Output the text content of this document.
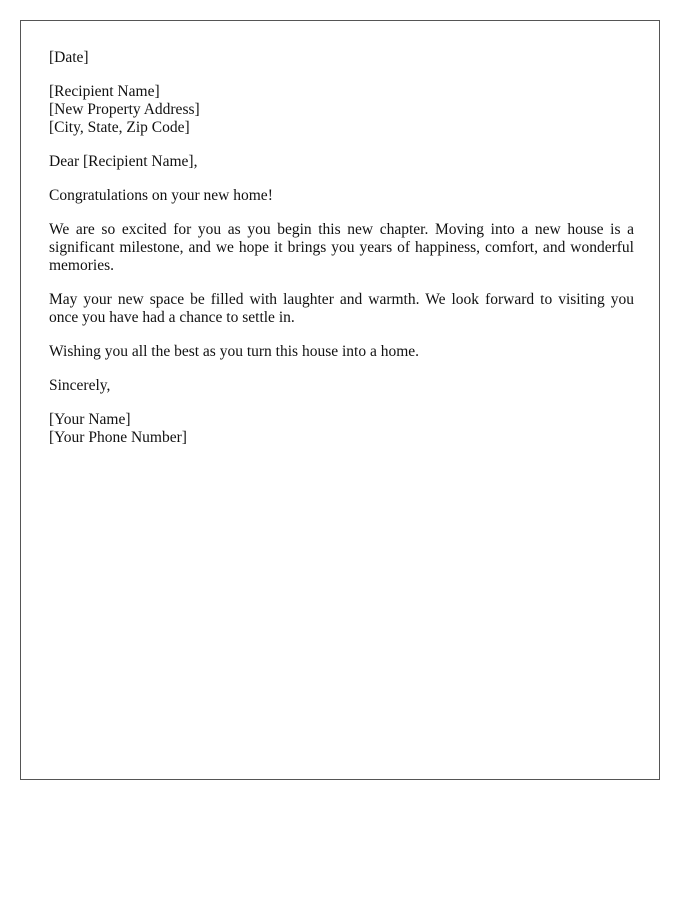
[Date]
[Recipient Name]
[New Property Address]
[City, State, Zip Code]
Dear [Recipient Name],
Congratulations on your new home!
We are so excited for you as you begin this new chapter. Moving into a new house is a significant milestone, and we hope it brings you years of happiness, comfort, and wonderful memories.
May your new space be filled with laughter and warmth. We look forward to visiting you once you have had a chance to settle in.
Wishing you all the best as you turn this house into a home.
Sincerely,
[Your Name]
[Your Phone Number]
